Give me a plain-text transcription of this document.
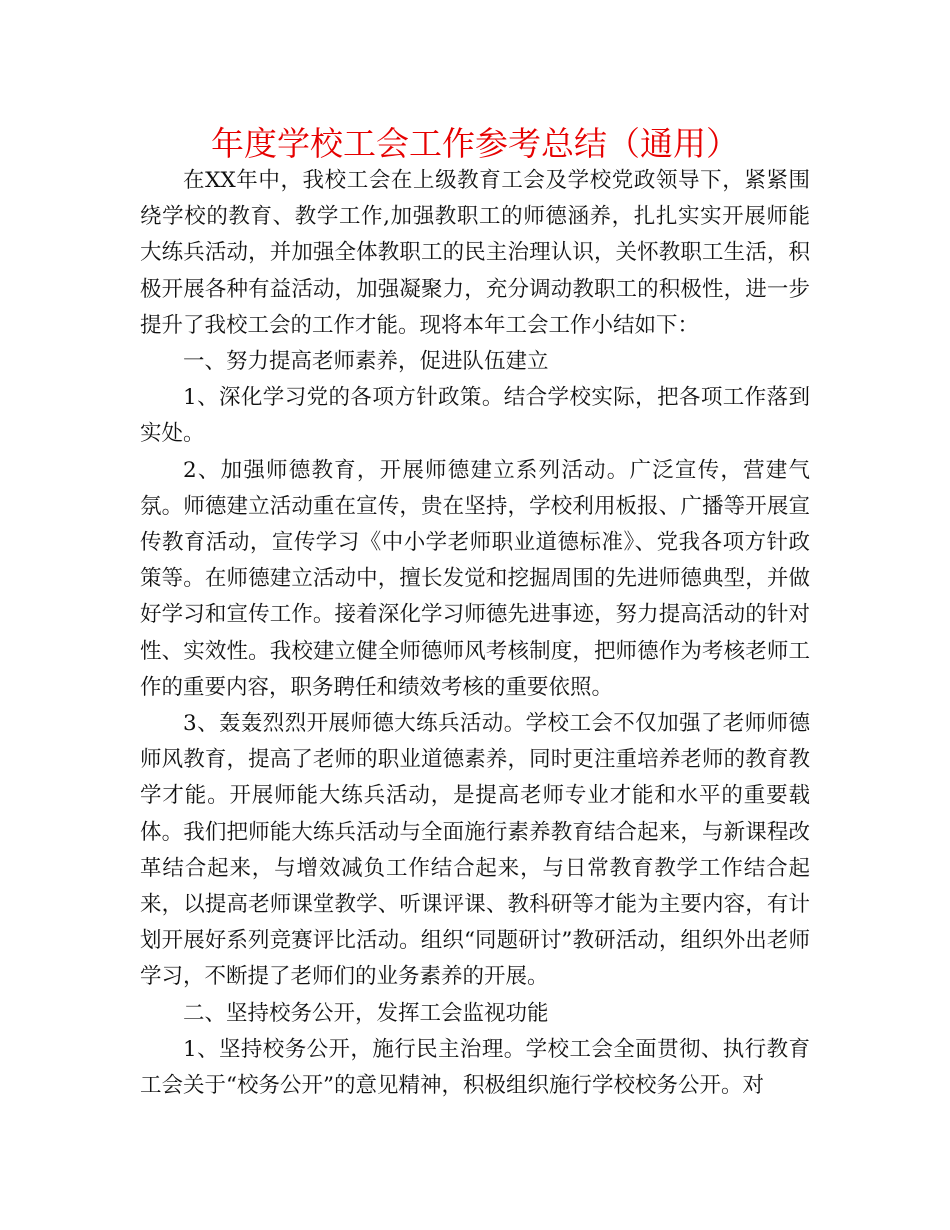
年度学校工会工作参考总结（通用）

在XX年中，我校工会在上级教育工会及学校党政领导下，紧紧围绕学校的教育、教学工作,加强教职工的师德涵养，扎扎实实开展师能大练兵活动，并加强全体教职工的民主治理认识，关怀教职工生活，积极开展各种有益活动，加强凝聚力，充分调动教职工的积极性，进一步提升了我校工会的工作才能。现将本年工会工作小结如下：

一、努力提高老师素养，促进队伍建立

1、深化学习党的各项方针政策。结合学校实际，把各项工作落到实处。

2、加强师德教育，开展师德建立系列活动。广泛宣传，营建气氛。师德建立活动重在宣传，贵在坚持，学校利用板报、广播等开展宣传教育活动，宣传学习《中小学老师职业道德标准》、党我各项方针政策等。在师德建立活动中，擅长发觉和挖掘周围的先进师德典型，并做好学习和宣传工作。接着深化学习师德先进事迹，努力提高活动的针对性、实效性。我校建立健全师德师风考核制度，把师德作为考核老师工作的重要内容，职务聘任和绩效考核的重要依照。

3、轰轰烈烈开展师德大练兵活动。学校工会不仅加强了老师师德师风教育，提高了老师的职业道德素养，同时更注重培养老师的教育教学才能。开展师能大练兵活动，是提高老师专业才能和水平的重要载体。我们把师能大练兵活动与全面施行素养教育结合起来，与新课程改革结合起来，与增效减负工作结合起来，与日常教育教学工作结合起来，以提高老师课堂教学、听课评课、教科研等才能为主要内容，有计划开展好系列竞赛评比活动。组织“同题研讨”教研活动，组织外出老师学习，不断提了老师们的业务素养的开展。

二、坚持校务公开，发挥工会监视功能

1、坚持校务公开，施行民主治理。学校工会全面贯彻、执行教育工会关于“校务公开”的意见精神，积极组织施行学校校务公开。对
